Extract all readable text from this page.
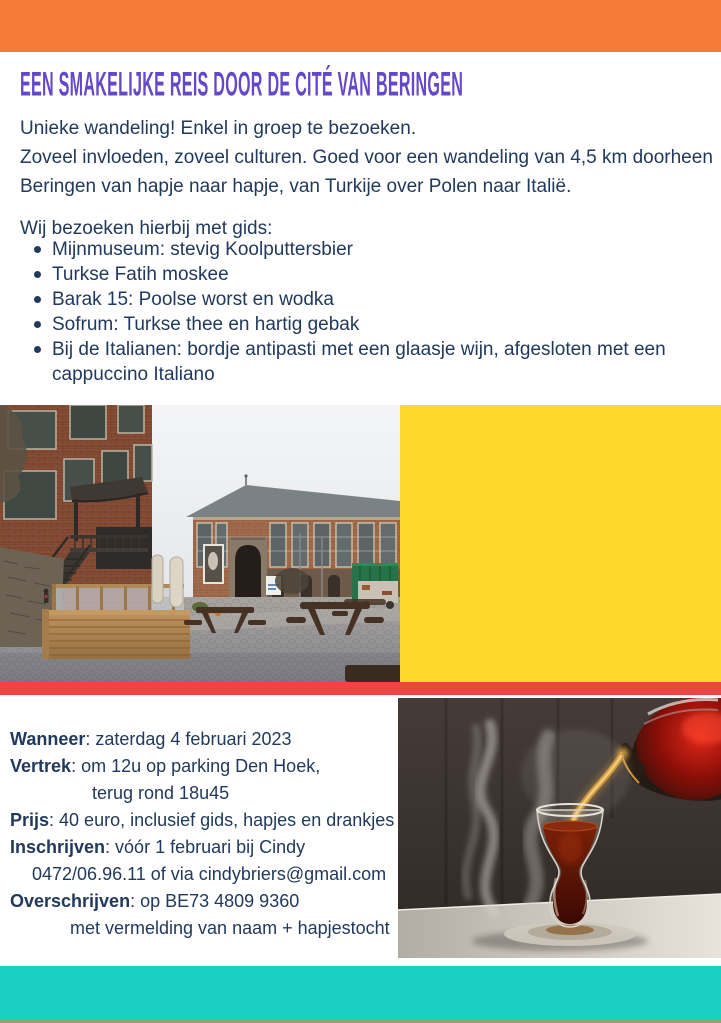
EEN SMAKELIJKE REIS DOOR DE CITÉ VAN BERINGEN

Unieke wandeling! Enkel in groep te bezoeken.

Zoveel invloeden, zoveel culturen. Goed voor een wandeling van 4,5 km doorheen Beringen van hapje naar hapje, van Turkije over Polen naar Italië.

Wij bezoeken hierbij met gids:

Mijnmuseum: stevig Koolputtersbier
Turkse Fatih moskee
Barak 15: Poolse worst en wodka
Sofrum: Turkse thee en hartig gebak
Bij de Italianen: bordje antipasti met een glaasje wijn, afgesloten met een cappuccino Italiano
Wanneer: zaterdag 4 februari 2023
Vertrek: om 12u op parking Den Hoek,
terug rond 18u45
Prijs: 40 euro, inclusief gids, hapjes en drankjes
Inschrijven: vóór 1 februari bij Cindy
0472/06.96.11 of via cindybriers@gmail.com
Overschrijven: op BE73 4809 9360
met vermelding van naam + hapjestocht
